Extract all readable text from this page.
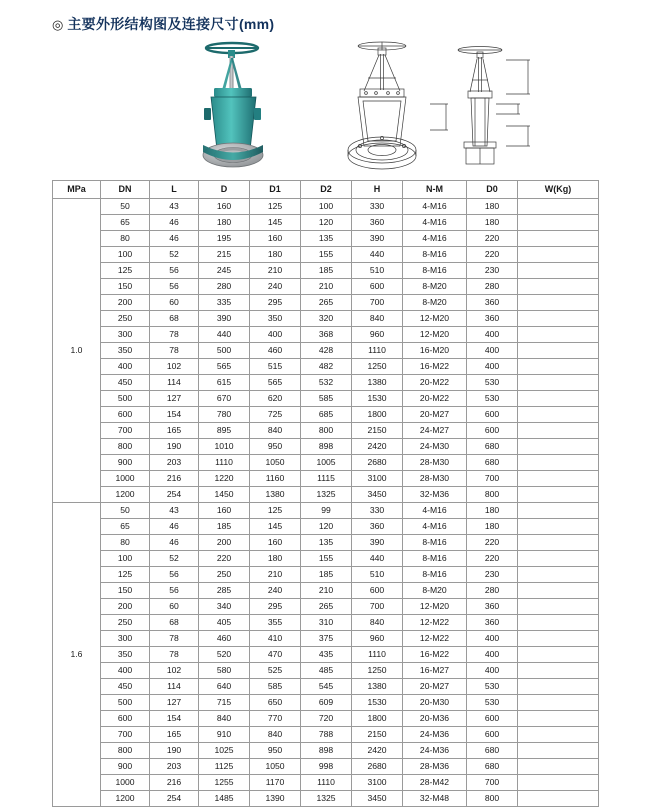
◎ 主要外形结构图及连接尺寸(mm)
MPa	DN	L	D	D1	D2	H	N-M	D0	W(Kg)
1.0	50	43	160	125	100	330	4-M16	180	
	65	46	180	145	120	360	4-M16	180	
	80	46	195	160	135	390	4-M16	220	
	100	52	215	180	155	440	8-M16	220	
	125	56	245	210	185	510	8-M16	230	
	150	56	280	240	210	600	8-M20	280	
	200	60	335	295	265	700	8-M20	360	
	250	68	390	350	320	840	12-M20	360	
	300	78	440	400	368	960	12-M20	400	
	350	78	500	460	428	1110	16-M20	400	
	400	102	565	515	482	1250	16-M22	400	
	450	114	615	565	532	1380	20-M22	530	
	500	127	670	620	585	1530	20-M22	530	
	600	154	780	725	685	1800	20-M27	600	
	700	165	895	840	800	2150	24-M27	600	
	800	190	1010	950	898	2420	24-M30	680	
	900	203	1110	1050	1005	2680	28-M30	680	
	1000	216	1220	1160	1115	3100	28-M30	700	
	1200	254	1450	1380	1325	3450	32-M36	800	
1.6	50	43	160	125	99	330	4-M16	180	
	65	46	185	145	120	360	4-M16	180	
	80	46	200	160	135	390	8-M16	220	
	100	52	220	180	155	440	8-M16	220	
	125	56	250	210	185	510	8-M16	230	
	150	56	285	240	210	600	8-M20	280	
	200	60	340	295	265	700	12-M20	360	
	250	68	405	355	310	840	12-M22	360	
	300	78	460	410	375	960	12-M22	400	
	350	78	520	470	435	1110	16-M22	400	
	400	102	580	525	485	1250	16-M27	400	
	450	114	640	585	545	1380	20-M27	530	
	500	127	715	650	609	1530	20-M30	530	
	600	154	840	770	720	1800	20-M36	600	
	700	165	910	840	788	2150	24-M36	600	
	800	190	1025	950	898	2420	24-M36	680	
	900	203	1125	1050	998	2680	28-M36	680	
	1000	216	1255	1170	1110	3100	28-M42	700	
	1200	254	1485	1390	1325	3450	32-M48	800	
